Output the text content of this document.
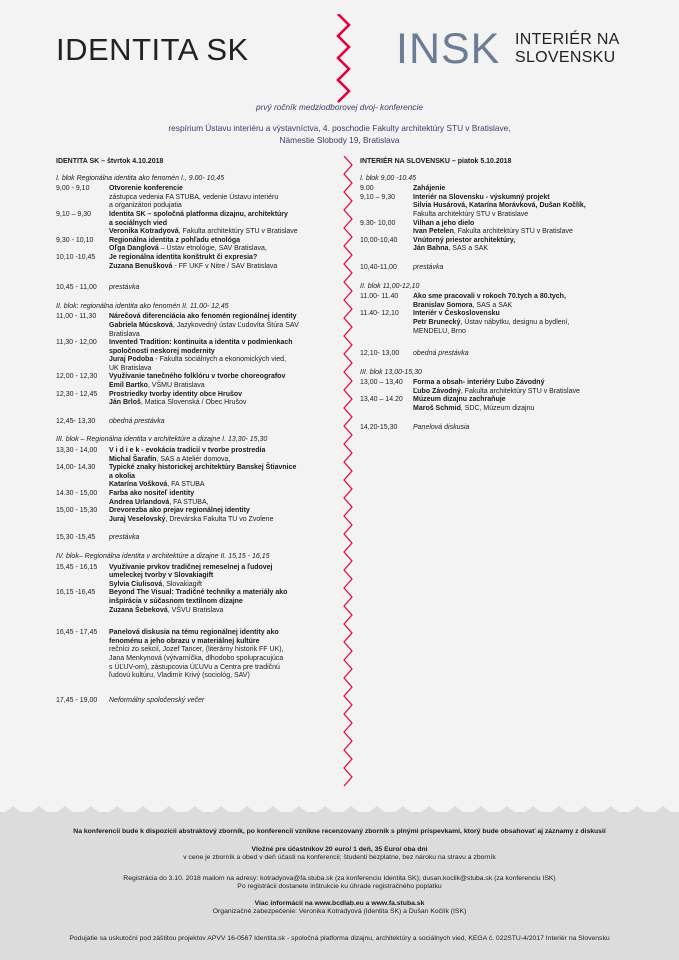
IDENTITA SK	INSK INTERIÉR NA
SLOVENSKU
prvý ročník medziodborovej dvoj- konferencie
respírium Ústavu interiéru a výstavníctva, 4. poschodie Fakulty architektúry STU v Bratislave,
Námestie Slobody 19, Bratislava
IDENTITA SK – štvrtok 4.10.2018
I. blok Regionálna identita ako fenomén I., 9.00- 10,45
9,00 - 9,10	Otvorenie konferencie
zástupca vedenia FA STUBA, vedenie Ústavu interiéru
a organizátori podujatia
9,10 – 9,30	Identita SK – spoločná platforma dizajnu, architektúry
a sociálnych vied
Veronika Kotradyová, Fakulta architektúry STU v Bratislave
9,30 - 10,10	Regionálna identita z pohľadu etnológa
Oľga Danglová – Ústav etnológie, SAV Bratislava,
10,10 -10,45	Je regionálna identita konštrukt či expresia?
Zuzana Benušková - FF UKF v Nitre / SAV Bratislava
10,45 - 11,00	prestávka
II. blok: regionálna identita ako fenomén II. 11.00- 12,45
11,00 - 11,30	Nárečová diferenciácia ako fenomén regionálnej identity
Gabriela Múcsková, Jazykovedný ústav Ľudovíta Štúra SAV
Bratislava
11,30 - 12,00	Invented Tradition: kontinuita a identita v podmienkach
spoločnosti neskorej modernity
Juraj Podoba - Fakulta sociálnych a ekonomických vied,
UK Bratislava
12,00 - 12,30	Využívanie tanečného folklóru v tvorbe choreografov
Emil Bartko, VŠMU Bratislava
12,30 - 12,45	Prostriedky tvorby identity obce Hrušov
Ján Brloš, Matica Slovenská / Obec Hrušov
12,45- 13,30	obedná prestávka
III. blok – Regionálna identita v architektúre a dizajne I. 13,30- 15,30
13,30 - 14,00	V i d i e k - evokácia tradícií v tvorbe prostredia
Michal Šarafín, SAS a Ateliér domova,
14,00- 14,30	Typické znaky historickej architektúry Banskej Štiavnice
a okolia
Katarína Vošková, FA STUBA
14.30 - 15,00	Farba ako nositeľ identity
Andrea Urlandová, FA STUBA,
15,00 - 15,30	Drevorezba ako prejav regionálnej identity
Juraj Veselovský, Drevárska Fakulta TU vo Zvolene
15,30 -15,45	prestávka
IV. blok– Regionálna identita v architektúre a dizajne II. 15,15 - 16,15
15,45 - 16,15	Využívanie prvkov tradičnej remeselnej a ľudovej
umeleckej tvorby v Slovakiagift
Sylvia Ciulisová, Slovakiagift
16,15 -16,45	Beyond The Visual: Tradičné techniky a materiály ako
inšpirácia v súčasnom textilnom dizajne
Zuzana Šebeková, VŠVU Bratislava
16,45 - 17,45	Panelová diskusia na tému regionálnej identity ako
fenoménu a jeho obrazu v materiálnej kultúre
rečníci zo sekcií, Jozef Tancer, (literárny historik FF UK),
Jana Menkynová (výtvarníčka, dlhodobo spolupracujúca
s ÚĽUV-om), zástupcovia ÚĽUVu a Centra pre tradičnú
ľudovú kultúru, Vladimír Krivý (sociológ, SAV)
17,45 - 19,00	Neformálny spoločenský večer
INTERIÉR NA SLOVENSKU – piatok 5.10.2018
I. blok 9,00 -10.45
9.00	Zahájenie
9,10 – 9,30	Interiér na Slovensku - výskumný projekt
Silvia Husárová, Katarína Morávková, Dušan Kočlík,
Fakulta architektúry STU v Bratislave
9.30- 10,00	Vilhan a jeho dielo
Ivan Petelen, Fakulta architektúry STU v Bratislave
10,00-10,40	Vnútorný priestor architektúry,
Ján Bahna, SAS a SAK
10,40-11,00	prestávka
II. blok 11,00-12,10
11.00- 11.40	Ako sme pracovali v rokoch 70.tych a 80.tych,
Branislav Somora, SAS a SAK
11.40- 12,10	Interiér v Československu
Petr Brunecký, Ústav nábytku, designu a bydlení,
MENDELU, Brno
12,10- 13,00	obedná prestávka
III. blok 13,00-15,30
13,00 – 13,40	Forma a obsah- interiéry Ľubo Závodný
Ľubo Závodný, Fakulta architektúry STU v Bratislave
13,40 – 14.20	Múzeum dizajnu zachraňuje
Maroš Schmid, SDC, Múzeum dizajnu
14,20-15,30	Panelová diskusia
Na konferencii bude k dispozícii abstraktový zborník, po konferencii vznikne recenzovaný zborník s plnými príspevkami, ktorý bude obsahovať aj záznamy z diskusií
Vložné pre účastníkov 20 euro/ 1 deň, 35 Euro/ oba dni
v cene je zborník a obed v deň účasti na konferencii; študenti bezplatne, bez nároku na stravu a zborník
Registrácia do 3.10. 2018 mailom na adresy: kotradyova@fa.stuba.sk (za konferenciu Identita SK); dusan.koclik@stuba.sk (za konferenciu ISK)
Po registrácii dostanete inštrukcie ku úhrade registračného poplatku
Viac informácií na www.bcdlab.eu a www.fa.stuba.sk
Organizačné zabezpečenie: Veronika Kotradyová (Identita SK) a Dušan Kočlík (ISK)
Podujatie sa uskutoční pod záštitou projektov APVV 16-0567 Identita.sk - spoločná platforma dizajnu, architektúry a sociálnych vied, KEGA č. 022STU-4/2017 Interiér na Slovensku
